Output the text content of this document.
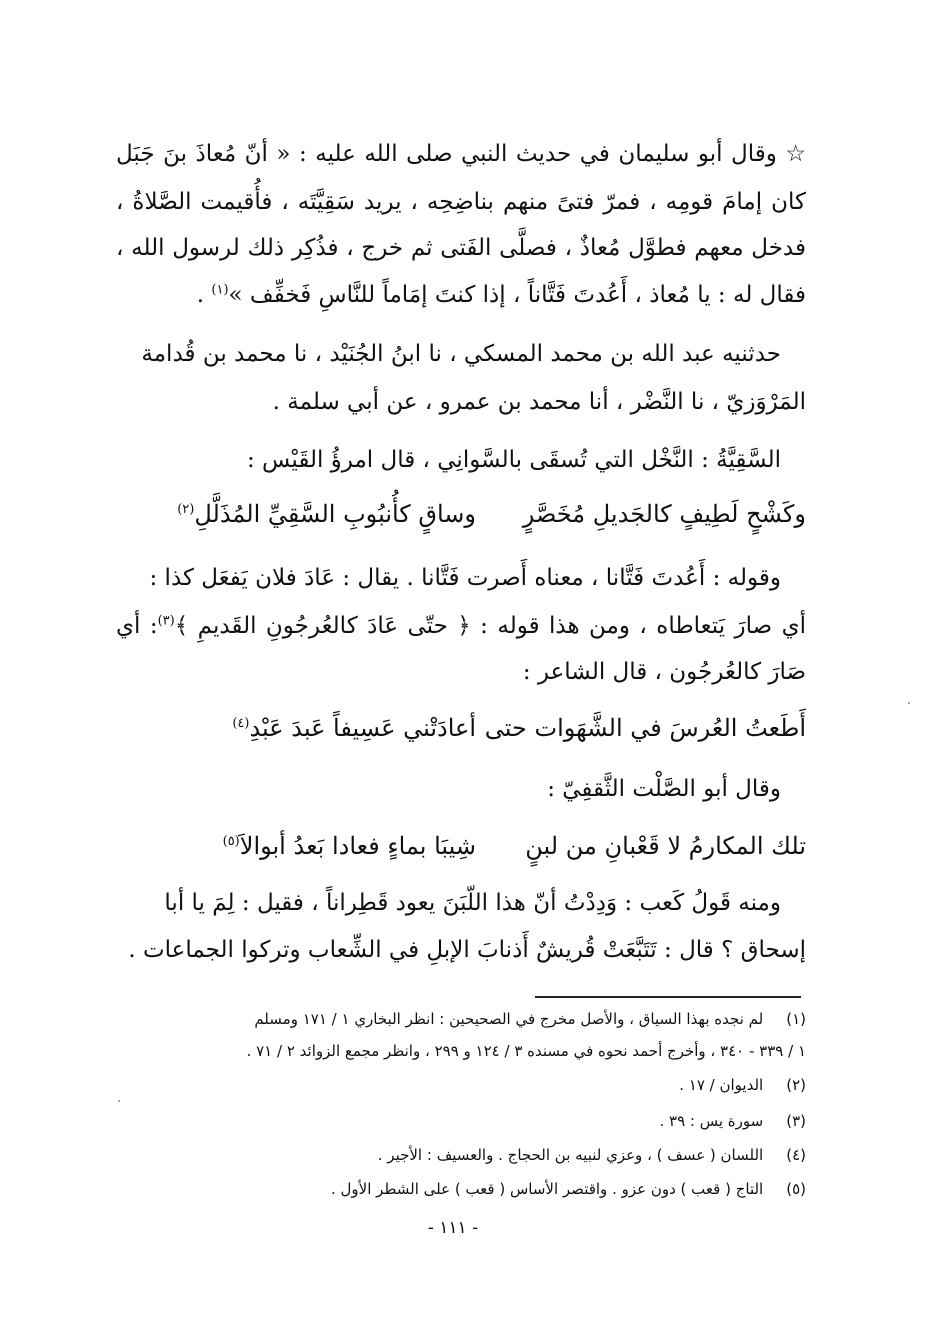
☆ وقال أبو سليمان في حديث النبي صلى الله عليه : « أنّ مُعاذَ بنَ جَبَل
كان إمامَ قومِه ، فمرّ فتىً منهم بناضِحِه ، يريد سَقِيَّتَه ، فأُقيمت الصَّلاةُ ،
فدخل معهم فطوَّل مُعاذٌ ، فصلَّى الفَتى ثم خرج ، فذُكِر ذلك لرسول الله ،
فقال له : يا مُعاذ ، أَعُدتَ فَتَّاناً ، إذا كنتَ إمَاماً للنَّاسِ فَخفِّف »$^{(١)}$ .
حدثنيه عبد الله بن محمد المسكي ، نا ابنُ الجُنَيْد ، نا محمد بن قُدامة
المَرْوَزيّ ، نا النَّضْر ، أنا محمد بن عمرو ، عن أبي سلمة .
السَّقِيَّةُ : النَّخْل التي تُسقَى بالسَّوانِي ، قال امرؤُ القَيْس :
وكَشْحٍ لَطِيفٍ كالجَديلِ مُخَصَّرٍ
وساقٍ كأُنبُوبِ السَّقِيِّ المُذَلَّلِ$^{(٢)}$
وقوله : أَعُدتَ فَتَّانا ، معناه أَصرت فَتَّانا . يقال : عَادَ فلان يَفعَل كذا :
أي صارَ يَتعاطاه ، ومن هذا قوله : ﴿ حتّى عَادَ كالعُرجُونِ القَديمِ ﴾$^{(٣)}$: أي
صَارَ كالعُرجُون ، قال الشاعر :
أَطَعتُ العُرسَ في الشَّهَوات حتى
أعادَتْني عَسِيفاً عَبدَ عَبْدِ$^{(٤)}$
وقال أبو الصَّلْت الثَّقفِيّ :
تلك المكارمُ لا قَعْبانِ من لبنٍ
شِيبَا بماءٍ فعادا بَعدُ أبوالاَ$^{(٥)}$
ومنه قَولُ كَعب : وَدِدْتُ أنّ هذا اللّبَنَ يعود قَطِراناً ، فقيل : لِمَ يا أبا
إسحاق ؟ قال : تَتَبَّعَتْ قُريشٌ أَذنابَ الإبلِ في الشِّعاب وتركوا الجماعات .
(١) لم نجده بهذا السياق ، والأصل مخرج في الصحيحين : انظر البخاري ١ / ١٧١ ومسلم
١ / ٣٣٩ - ٣٤٠ ، وأخرج أحمد نحوه في مسنده ٣ / ١٢٤ و ٢٩٩ ، وانظر مجمع الزوائد ٢ / ٧١ .
(٢) الديوان / ١٧ .
(٣) سورة يس : ٣٩ .
(٤) اللسان ( عسف ) ، وعزي لنبيه بن الحجاج . والعسيف : الأجير .
(٥) التاج ( قعب ) دون عزو . واقتصر الأساس ( قعب ) على الشطر الأول .
- ١١١ -
